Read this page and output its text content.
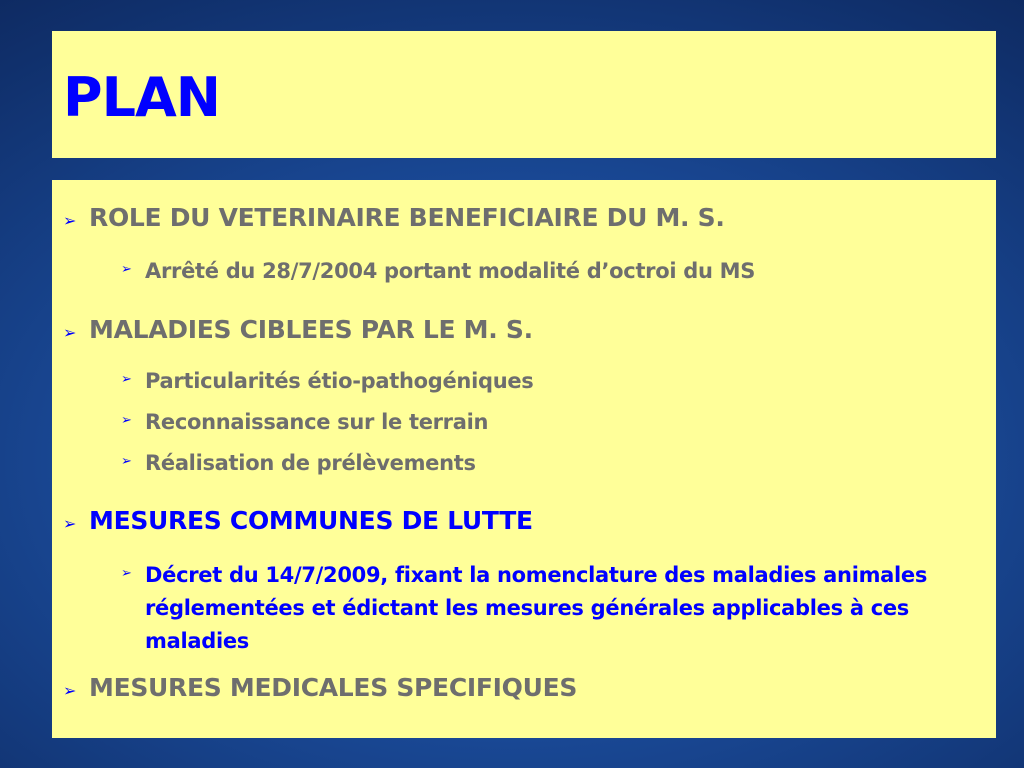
PLAN
➢ ROLE DU VETERINAIRE BENEFICIAIRE DU M. S.
➢ Arrêté du 28/7/2004 portant modalité d’octroi du MS
➢ MALADIES CIBLEES PAR LE M. S.
➢ Particularités étio-pathogéniques
➢ Reconnaissance sur le terrain
➢ Réalisation de prélèvements
➢ MESURES COMMUNES DE LUTTE
➢ Décret du 14/7/2009, fixant la nomenclature des maladies animales réglementées et édictant les mesures générales applicables à ces maladies
➢ MESURES MEDICALES SPECIFIQUES
